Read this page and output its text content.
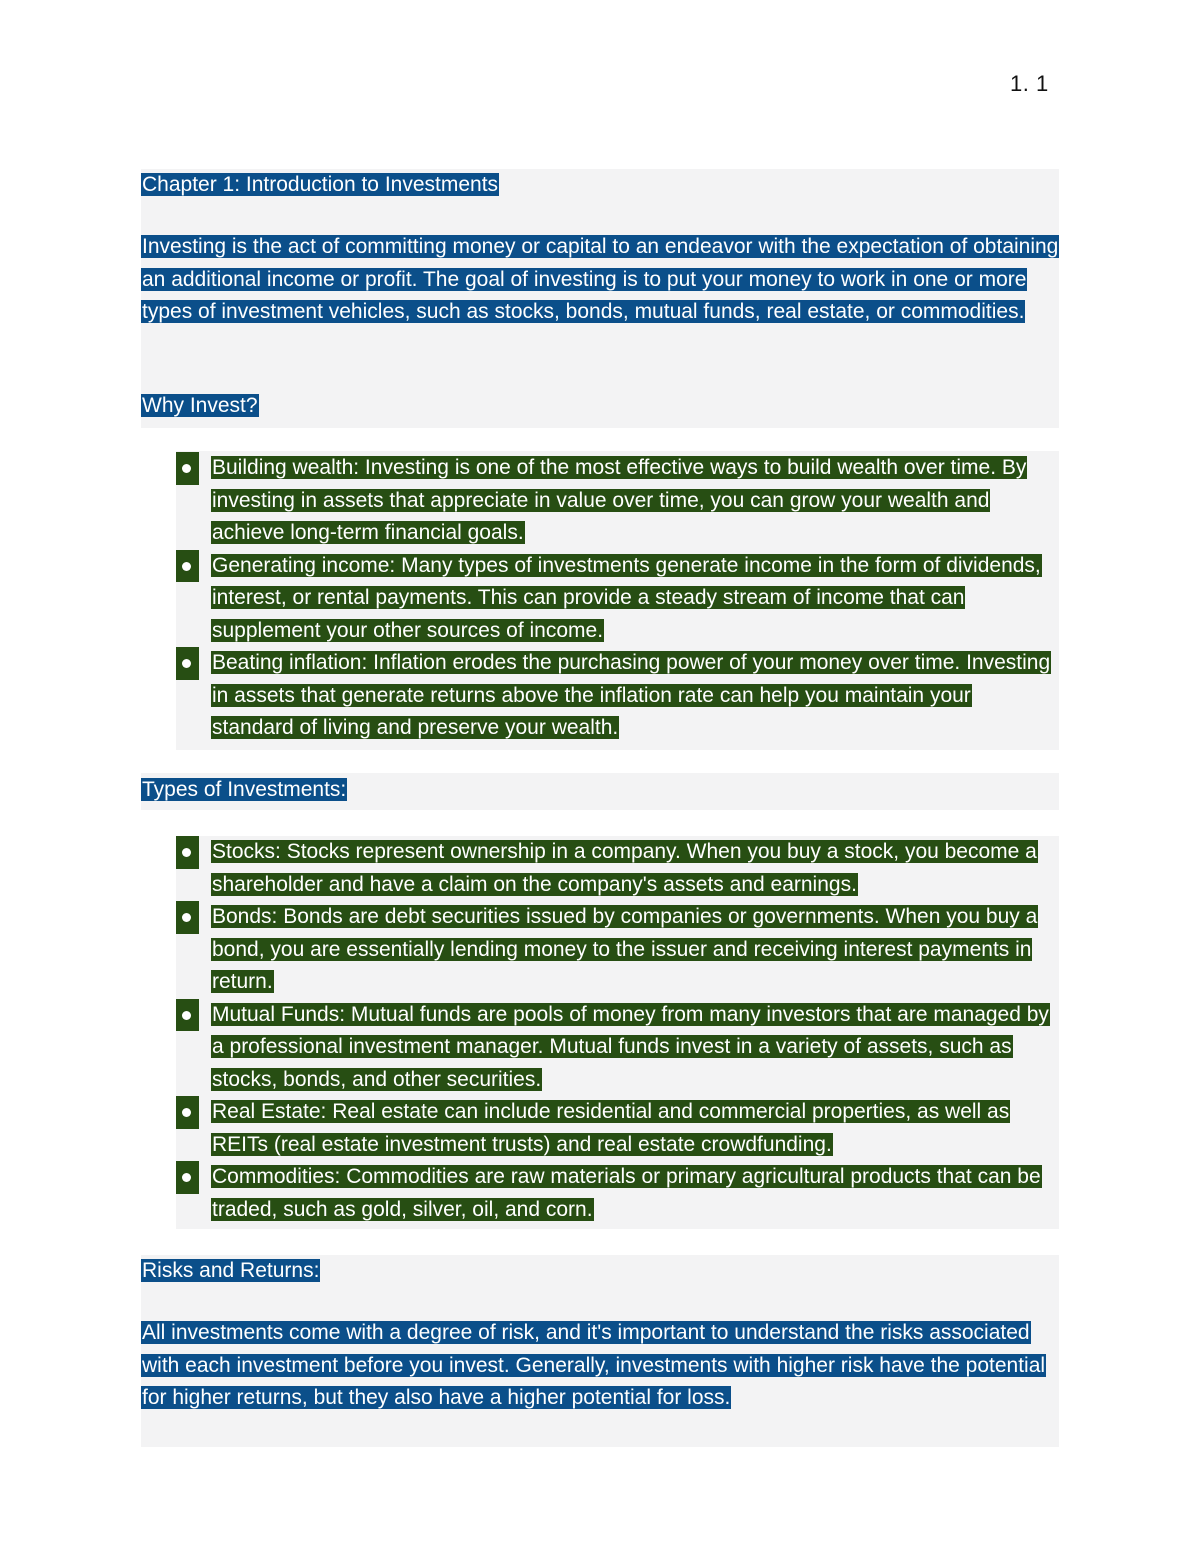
1. 1

Chapter 1: Introduction to Investments

Investing is the act of committing money or capital to an endeavor with the expectation of obtaining an additional income or profit. The goal of investing is to put your money to work in one or more types of investment vehicles, such as stocks, bonds, mutual funds, real estate, or commodities.

Why Invest?

Building wealth: Investing is one of the most effective ways to build wealth over time. By investing in assets that appreciate in value over time, you can grow your wealth and achieve long-term financial goals.
Generating income: Many types of investments generate income in the form of dividends, interest, or rental payments. This can provide a steady stream of income that can supplement your other sources of income.
Beating inflation: Inflation erodes the purchasing power of your money over time. Investing in assets that generate returns above the inflation rate can help you maintain your standard of living and preserve your wealth.

Types of Investments:

Stocks: Stocks represent ownership in a company. When you buy a stock, you become a shareholder and have a claim on the company's assets and earnings.
Bonds: Bonds are debt securities issued by companies or governments. When you buy a bond, you are essentially lending money to the issuer and receiving interest payments in return.
Mutual Funds: Mutual funds are pools of money from many investors that are managed by a professional investment manager. Mutual funds invest in a variety of assets, such as stocks, bonds, and other securities.
Real Estate: Real estate can include residential and commercial properties, as well as REITs (real estate investment trusts) and real estate crowdfunding.
Commodities: Commodities are raw materials or primary agricultural products that can be traded, such as gold, silver, oil, and corn.

Risks and Returns:

All investments come with a degree of risk, and it's important to understand the risks associated with each investment before you invest. Generally, investments with higher risk have the potential for higher returns, but they also have a higher potential for loss.
